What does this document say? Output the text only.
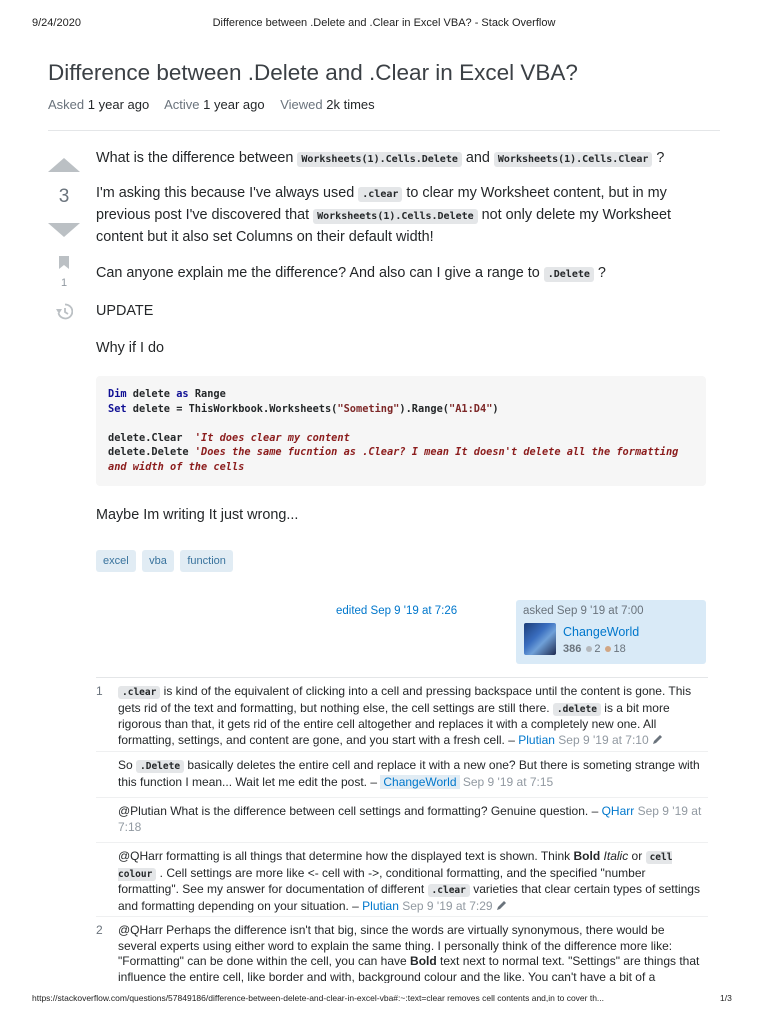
9/24/2020	Difference between .Delete and .Clear in Excel VBA? - Stack Overflow
Difference between .Delete and .Clear in Excel VBA?
Asked 1 year ago Active 1 year ago Viewed 2k times
3
1

What is the difference between Worksheets(1).Cells.Delete and Worksheets(1).Cells.Clear ?

I'm asking this because I've always used .clear to clear my Worksheet content, but in my previous post I've discovered that Worksheets(1).Cells.Delete not only delete my Worksheet content but it also set Columns on their default width!

Can anyone explain me the difference? And also can I give a range to .Delete ?

UPDATE

Why if I do

Maybe Im writing It just wrong...

Dim delete as Range
Set delete = ThisWorkbook.Worksheets("Someting").Range("A1:D4")

delete.Clear  'It does clear my content
delete.Delete 'Does the same fucntion as .Clear? I mean It doesn't delete all the formatting
and width of the cells
excel vba function
edited Sep 9 '19 at 7:26	asked Sep 9 '19 at 7:00
ChangeWorld
386 2 18
1	.clear is kind of the equivalent of clicking into a cell and pressing backspace until the content is gone. This gets rid of the text and formatting, but nothing else, the cell settings are still there. .delete is a bit more rigorous than that, it gets rid of the entire cell altogether and replaces it with a completely new one. All formatting, settings, and content are gone, and you start with a fresh cell. – Plutian Sep 9 '19 at 7:10
So .Delete basically deletes the entire cell and replace it with a new one? But there is someting strange with this function I mean... Wait let me edit the post. – ChangeWorld Sep 9 '19 at 7:15
@Plutian What is the difference between cell settings and formatting? Genuine question. – QHarr Sep 9 '19 at 7:18
@QHarr formatting is all things that determine how the displayed text is shown. Think Bold Italic or cell colour . Cell settings are more like <- cell with ->, conditional formatting, and the specified "number formatting". See my answer for documentation of different .clear varieties that clear certain types of settings and formatting depending on your situation. – Plutian Sep 9 '19 at 7:29
2 @QHarr Perhaps the difference isn't that big, since the words are virtually synonymous, there would be several experts using either word to explain the same thing. I personally think of the difference more like: "Formatting" can be done within the cell, you can have Bold text next to normal text. "Settings" are things that influence the entire cell, like border and with, background colour and the like. You can't have a bit of a
https://stackoverflow.com/questions/57849186/difference-between-delete-and-clear-in-excel-vba#:~:text=clear removes cell contents and,in to cover th...	1/3
